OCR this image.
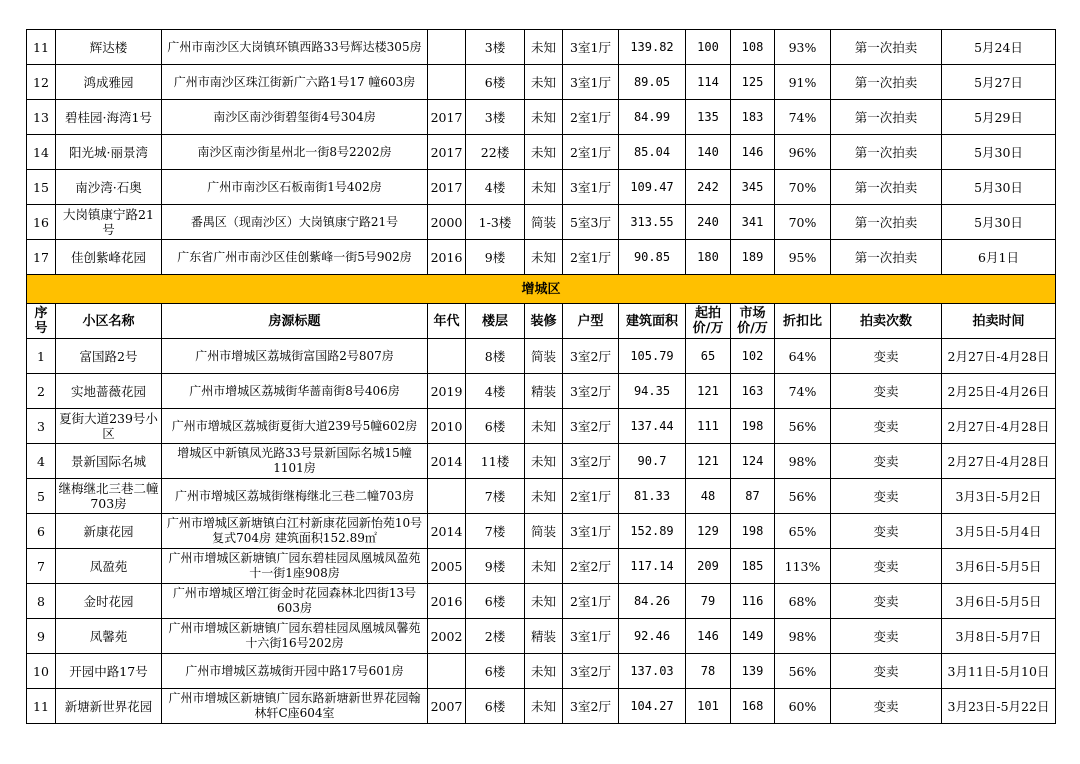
11	辉达楼	广州市南沙区大岗镇环镇西路33号辉达楼305房		3楼	未知	3室1厅	139.82	100	108	93%	第一次拍卖	5月24日
12	鸿成雅园	广州市南沙区珠江街新广六路1号17 幢603房		6楼	未知	3室1厅	89.05	114	125	91%	第一次拍卖	5月27日
13	碧桂园·海湾1号	南沙区南沙街碧玺街4号304房	2017	3楼	未知	2室1厅	84.99	135	183	74%	第一次拍卖	5月29日
14	阳光城·丽景湾	南沙区南沙街星州北一街8号2202房	2017	22楼	未知	2室1厅	85.04	140	146	96%	第一次拍卖	5月30日
15	南沙湾·石奥	广州市南沙区石板南街1号402房	2017	4楼	未知	3室1厅	109.47	242	345	70%	第一次拍卖	5月30日
16	大岗镇康宁路21号	番禺区（现南沙区）大岗镇康宁路21号	2000	1-3楼	简装	5室3厅	313.55	240	341	70%	第一次拍卖	5月30日
17	佳创紫峰花园	广东省广州市南沙区佳创紫峰一街5号902房	2016	9楼	未知	2室1厅	90.85	180	189	95%	第一次拍卖	6月1日
增城区												
序号	小区名称	房源标题	年代	楼层	装修	户型	建筑面积	起拍价/万	市场价/万	折扣比	拍卖次数	拍卖时间
1	富国路2号	广州市增城区荔城街富国路2号807房		8楼	简装	3室2厅	105.79	65	102	64%	变卖	2月27日-4月28日
2	实地蔷薇花园	广州市增城区荔城街华蔷南街8号406房	2019	4楼	精装	3室2厅	94.35	121	163	74%	变卖	2月25日-4月26日
3	夏街大道239号小区	广州市增城区荔城街夏街大道239号5幢602房	2010	6楼	未知	3室2厅	137.44	111	198	56%	变卖	2月27日-4月28日
4	景新国际名城	增城区中新镇凤光路33号景新国际名城15幢1101房	2014	11楼	未知	3室2厅	90.7	121	124	98%	变卖	2月27日-4月28日
5	继梅继北三巷二幢703房	广州市增城区荔城街继梅继北三巷二幢703房		7楼	未知	2室1厅	81.33	48	87	56%	变卖	3月3日-5月2日
6	新康花园	广州市增城区新塘镇白江村新康花园新怡苑10号复式704房 建筑面积152.89㎡	2014	7楼	简装	3室1厅	152.89	129	198	65%	变卖	3月5日-5月4日
7	凤盈苑	广州市增城区新塘镇广园东碧桂园凤凰城凤盈苑十一街1座908房	2005	9楼	未知	2室2厅	117.14	209	185	113%	变卖	3月6日-5月5日
8	金时花园	广州市增城区增江街金时花园森林北四街13号603房	2016	6楼	未知	2室1厅	84.26	79	116	68%	变卖	3月6日-5月5日
9	凤馨苑	广州市增城区新塘镇广园东碧桂园凤凰城凤馨苑十六街16号202房	2002	2楼	精装	3室1厅	92.46	146	149	98%	变卖	3月8日-5月7日
10	开园中路17号	广州市增城区荔城街开园中路17号601房		6楼	未知	3室2厅	137.03	78	139	56%	变卖	3月11日-5月10日
11	新塘新世界花园	广州市增城区新塘镇广园东路新塘新世界花园翰林轩C座604室	2007	6楼	未知	3室2厅	104.27	101	168	60%	变卖	3月23日-5月22日
